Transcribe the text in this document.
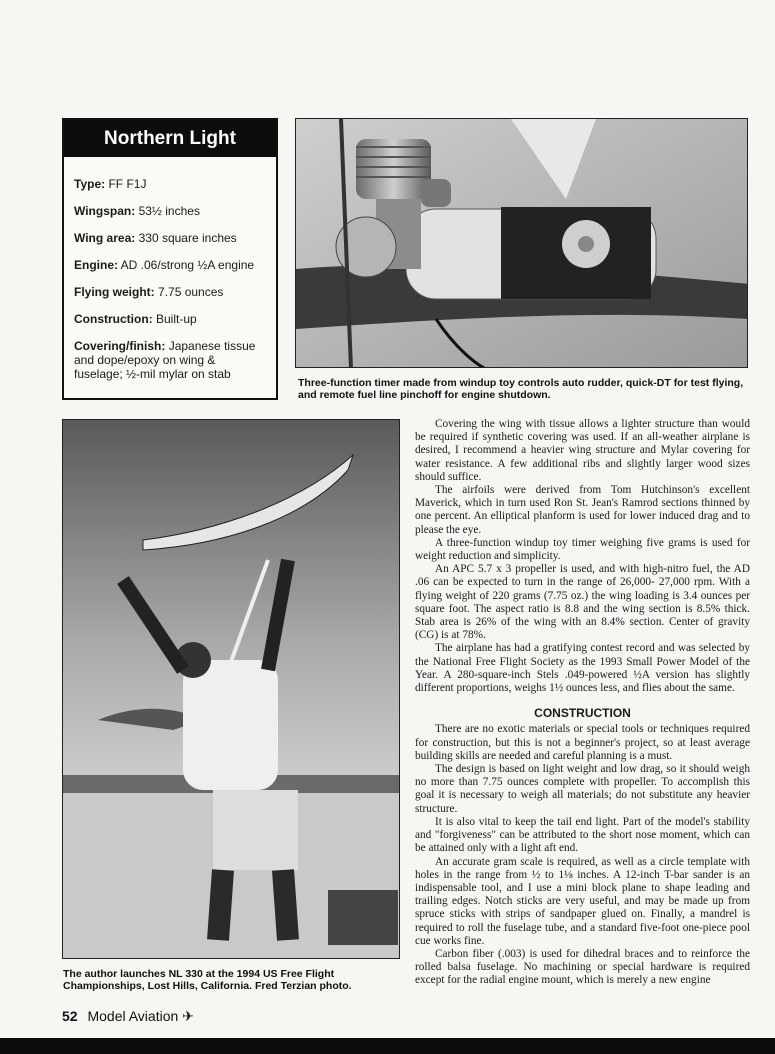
Northern Light
Type: FF F1J
Wingspan: 53½ inches
Wing area: 330 square inches
Engine: AD .06/strong ½A engine
Flying weight: 7.75 ounces
Construction: Built-up
Covering/finish: Japanese tissue and dope/epoxy on wing & fuselage; ½-mil mylar on stab
Three-function timer made from windup toy controls auto rudder, quick-DT for test flying, and remote fuel line pinchoff for engine shutdown.
The author launches NL 330 at the 1994 US Free Flight Championships, Lost Hills, California. Fred Terzian photo.

Covering the wing with tissue allows a lighter structure than would be required if synthetic covering was used. If an all-weather airplane is desired, I recommend a heavier wing structure and Mylar covering for water resistance. A few additional ribs and slightly larger wood sizes should suffice.

The airfoils were derived from Tom Hutchinson's excellent Maverick, which in turn used Ron St. Jean's Ramrod sections thinned by one percent. An elliptical planform is used for lower induced drag and to please the eye.

A three-function windup toy timer weighing five grams is used for weight reduction and simplicity.

An APC 5.7 x 3 propeller is used, and with high-nitro fuel, the AD .06 can be expected to turn in the range of 26,000- 27,000 rpm. With a flying weight of 220 grams (7.75 oz.) the wing loading is 3.4 ounces per square foot. The aspect ratio is 8.8 and the wing section is 8.5% thick. Stab area is 26% of the wing with an 8.4% section. Center of gravity (CG) is at 78%.

The airplane has had a gratifying contest record and was selected by the National Free Flight Society as the 1993 Small Power Model of the Year. A 280-square-inch Stels .049-powered ½A version has slightly different proportions, weighs 1½ ounces less, and flies about the same.

CONSTRUCTION

There are no exotic materials or special tools or techniques required for construction, but this is not a beginner's project, so at least average building skills are needed and careful planning is a must.

The design is based on light weight and low drag, so it should weigh no more than 7.75 ounces complete with propeller. To accomplish this goal it is necessary to weigh all materials; do not substitute any heavier structure.

It is also vital to keep the tail end light. Part of the model's stability and "forgiveness" can be attributed to the short nose moment, which can be attained only with a light aft end.

An accurate gram scale is required, as well as a circle template with holes in the range from ½ to 1⅛ inches. A 12-inch T-bar sander is an indispensable tool, and I use a mini block plane to shape leading and trailing edges. Notch sticks are very useful, and may be made up from spruce sticks with strips of sandpaper glued on. Finally, a mandrel is required to roll the fuselage tube, and a standard five-foot one-piece pool cue works fine.

Carbon fiber (.003) is used for dihedral braces and to reinforce the rolled balsa fuselage. No machining or special hardware is required except for the radial engine mount, which is merely a new engine

52 Model Aviation ✈
